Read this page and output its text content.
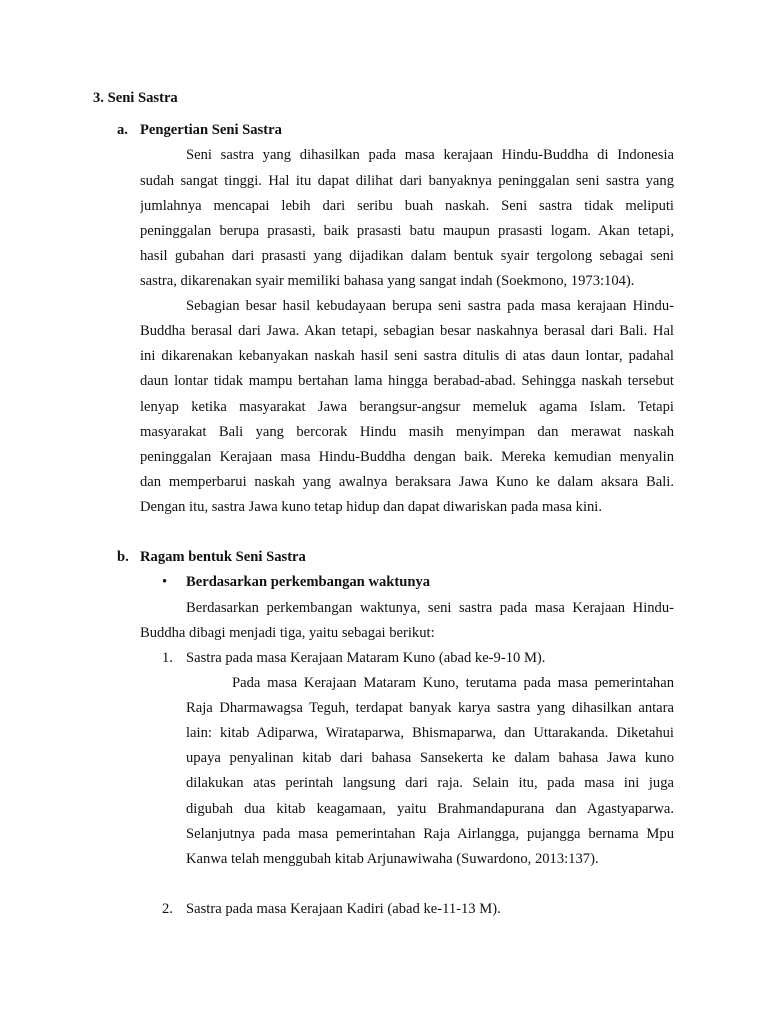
3. Seni Sastra
a. Pengertian Seni Sastra
Seni sastra yang dihasilkan pada masa kerajaan Hindu-Buddha di Indonesia
sudah sangat tinggi. Hal itu dapat dilihat dari banyaknya peninggalan seni sastra yang
jumlahnya mencapai lebih dari seribu buah naskah. Seni sastra tidak meliputi
peninggalan berupa prasasti, baik prasasti batu maupun prasasti logam. Akan tetapi,
hasil gubahan dari prasasti yang dijadikan dalam bentuk syair tergolong sebagai seni
sastra, dikarenakan syair memiliki bahasa yang sangat indah (Soekmono, 1973:104).
Sebagian besar hasil kebudayaan berupa seni sastra pada masa kerajaan Hindu-
Buddha berasal dari Jawa. Akan tetapi, sebagian besar naskahnya berasal dari Bali. Hal
ini dikarenakan kebanyakan naskah hasil seni sastra ditulis di atas daun lontar, padahal
daun lontar tidak mampu bertahan lama hingga berabad-abad. Sehingga naskah tersebut
lenyap ketika masyarakat Jawa berangsur-angsur memeluk agama Islam. Tetapi
masyarakat Bali yang bercorak Hindu masih menyimpan dan merawat naskah
peninggalan Kerajaan masa Hindu-Buddha dengan baik. Mereka kemudian menyalin
dan memperbarui naskah yang awalnya beraksara Jawa Kuno ke dalam aksara Bali.
Dengan itu, sastra Jawa kuno tetap hidup dan dapat diwariskan pada masa kini.
b. Ragam bentuk Seni Sastra
• Berdasarkan perkembangan waktunya
Berdasarkan perkembangan waktunya, seni sastra pada masa Kerajaan Hindu-
Buddha dibagi menjadi tiga, yaitu sebagai berikut:
1. Sastra pada masa Kerajaan Mataram Kuno (abad ke-9-10 M).
Pada masa Kerajaan Mataram Kuno, terutama pada masa pemerintahan
Raja Dharmawagsa Teguh, terdapat banyak karya sastra yang dihasilkan antara
lain: kitab Adiparwa, Wirataparwa, Bhismaparwa, dan Uttarakanda. Diketahui
upaya penyalinan kitab dari bahasa Sansekerta ke dalam bahasa Jawa kuno
dilakukan atas perintah langsung dari raja. Selain itu, pada masa ini juga
digubah dua kitab keagamaan, yaitu Brahmandapurana dan Agastyaparwa.
Selanjutnya pada masa pemerintahan Raja Airlangga, pujangga bernama Mpu
Kanwa telah menggubah kitab Arjunawiwaha (Suwardono, 2013:137).
2. Sastra pada masa Kerajaan Kadiri (abad ke-11-13 M).
